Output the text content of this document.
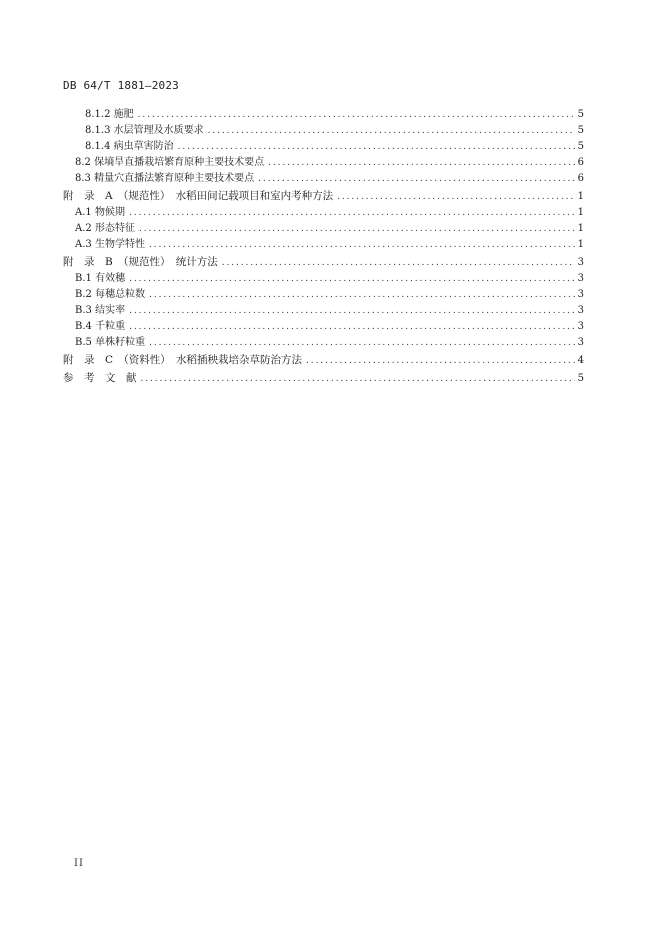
DB 64/T 1881—2023
8.1.2 施肥 .....	5
8.1.3 水层管理及水质要求 .....	5
8.1.4 病虫草害防治 .....	5
8.2 保墒旱直播栽培繁育原种主要技术要点 .....	6
8.3 精量穴直播法繁育原种主要技术要点 .....	6
附　录　A　（规范性）　水稻田间记载项目和室内考种方法 .....	1
A.1 物候期 .....	1
A.2 形态特征 .....	1
A.3 生物学特性 .....	1
附　录　B　（规范性）　统计方法 .....	3
B.1 有效穗 .....	3
B.2 每穗总粒数 .....	3
B.3 结实率 .....	3
B.4 千粒重 .....	3
B.5 单株籽粒重 .....	3
附　录　C　（资料性）　水稻插秧栽培杂草防治方法 .....	4
参　考　文　献 .....	5
II
